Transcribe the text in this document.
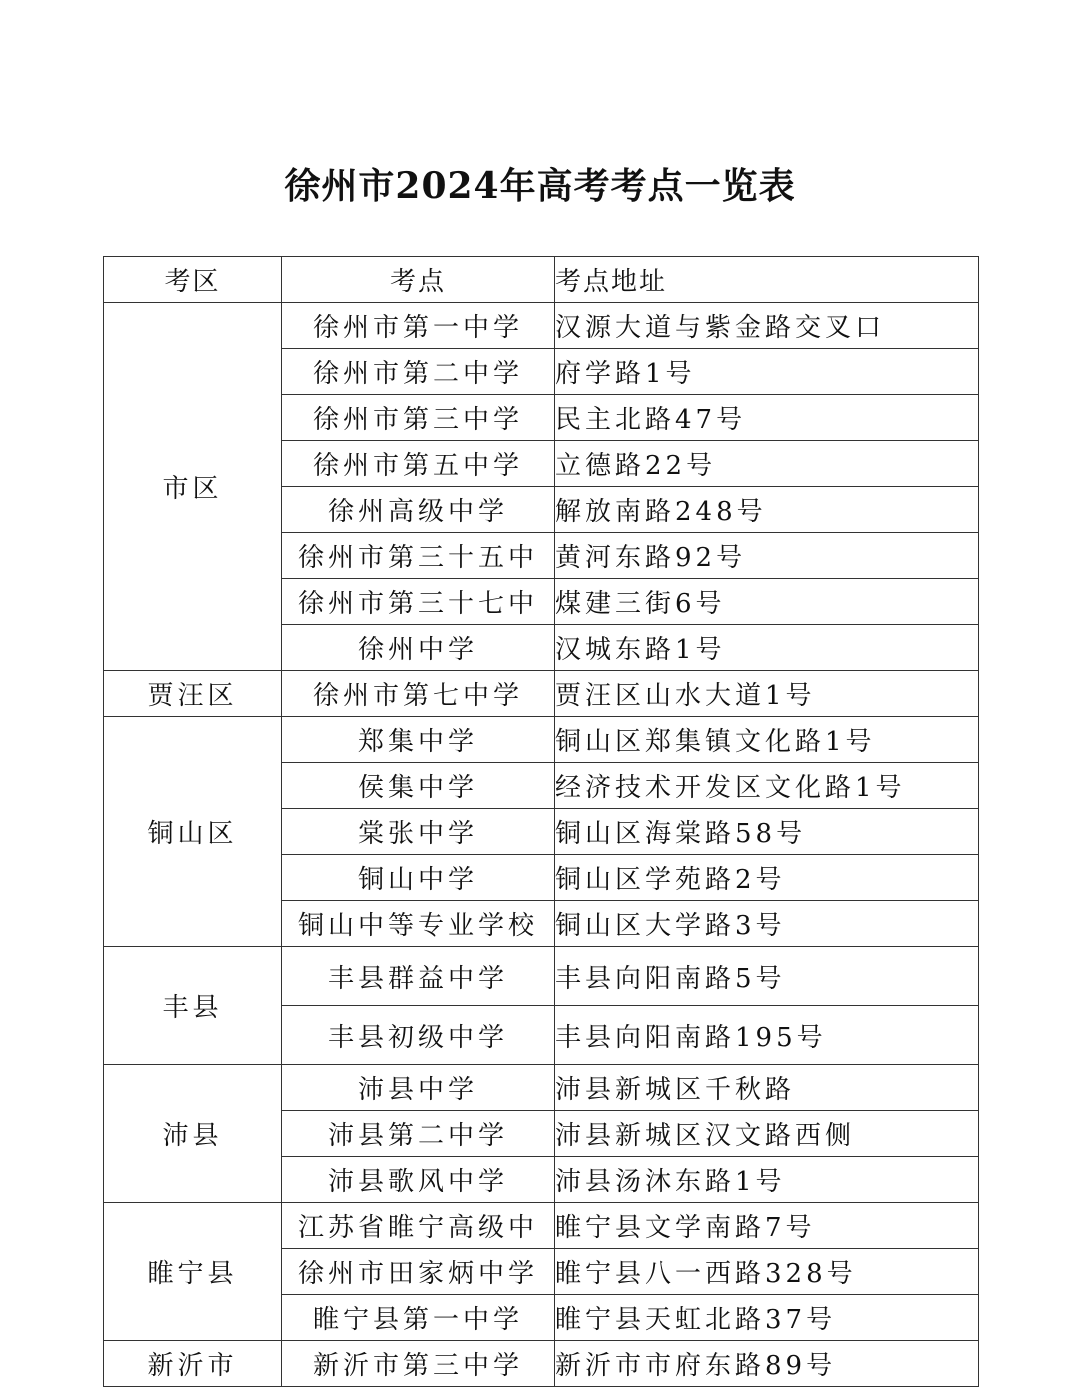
徐州市2024年高考考点一览表
考区	考点	考点地址
市区	徐州市第一中学	汉源大道与紫金路交叉口
	徐州市第二中学	府学路1号
	徐州市第三中学	民主北路47号
	徐州市第五中学	立德路22号
	徐州高级中学	解放南路248号
	徐州市第三十五中	黄河东路92号
	徐州市第三十七中	煤建三街6号
	徐州中学	汉城东路1号
贾汪区	徐州市第七中学	贾汪区山水大道1号
铜山区	郑集中学	铜山区郑集镇文化路1号
	侯集中学	经济技术开发区文化路1号
	棠张中学	铜山区海棠路58号
	铜山中学	铜山区学苑路2号
	铜山中等专业学校	铜山区大学路3号
丰县	丰县群益中学	丰县向阳南路5号
	丰县初级中学	丰县向阳南路195号
沛县	沛县中学	沛县新城区千秋路
	沛县第二中学	沛县新城区汉文路西侧
	沛县歌风中学	沛县汤沐东路1号
睢宁县	江苏省睢宁高级中	睢宁县文学南路7号
	徐州市田家炳中学	睢宁县八一西路328号
	睢宁县第一中学	睢宁县天虹北路37号
新沂市	新沂市第三中学	新沂市市府东路89号
